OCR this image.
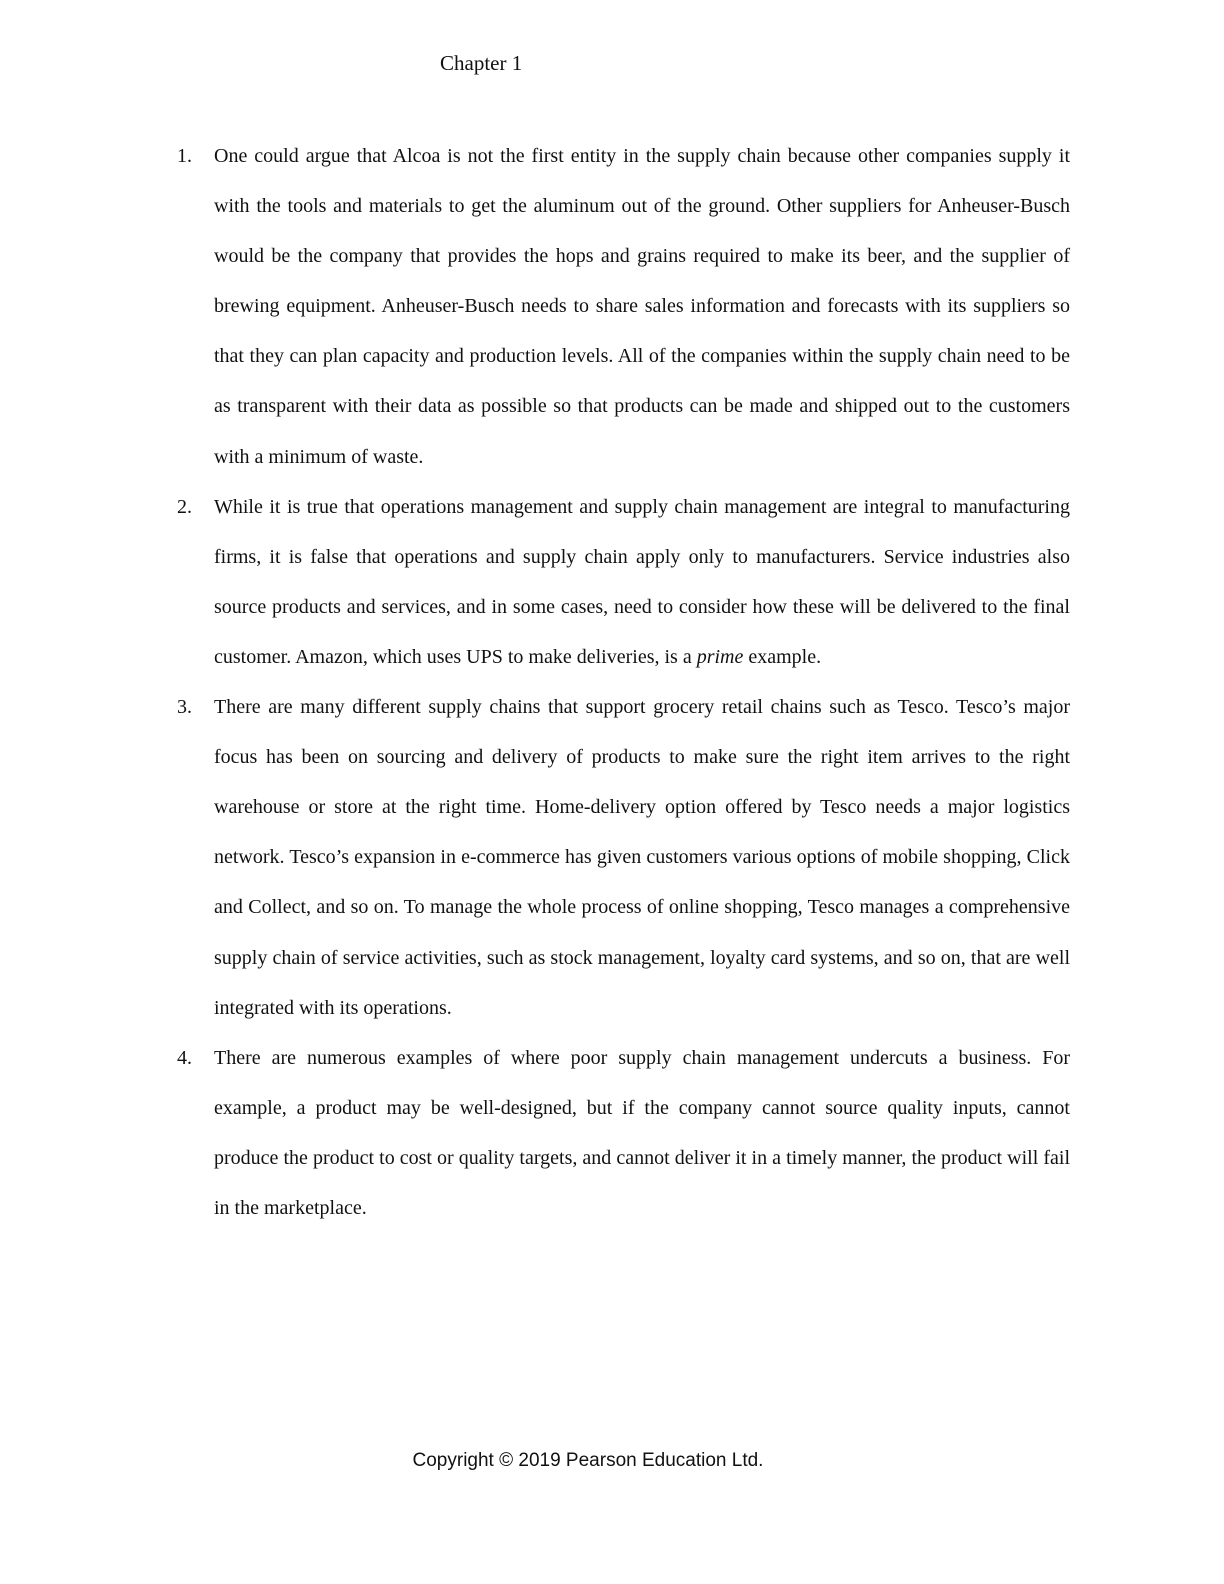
Chapter 1
1. One could argue that Alcoa is not the first entity in the supply chain because other companies supply it with the tools and materials to get the aluminum out of the ground. Other suppliers for Anheuser-Busch would be the company that provides the hops and grains required to make its beer, and the supplier of brewing equipment. Anheuser-Busch needs to share sales information and forecasts with its suppliers so that they can plan capacity and production levels. All of the companies within the supply chain need to be as transparent with their data as possible so that products can be made and shipped out to the customers with a minimum of waste.
2. While it is true that operations management and supply chain management are integral to manufacturing firms, it is false that operations and supply chain apply only to manufacturers. Service industries also source products and services, and in some cases, need to consider how these will be delivered to the final customer. Amazon, which uses UPS to make deliveries, is a prime example.
3. There are many different supply chains that support grocery retail chains such as Tesco. Tesco’s major focus has been on sourcing and delivery of products to make sure the right item arrives to the right warehouse or store at the right time. Home-delivery option offered by Tesco needs a major logistics network. Tesco’s expansion in e-commerce has given customers various options of mobile shopping, Click and Collect, and so on. To manage the whole process of online shopping, Tesco manages a comprehensive supply chain of service activities, such as stock management, loyalty card systems, and so on, that are well integrated with its operations.
4. There are numerous examples of where poor supply chain management undercuts a business. For example, a product may be well-designed, but if the company cannot source quality inputs, cannot produce the product to cost or quality targets, and cannot deliver it in a timely manner, the product will fail in the marketplace.
Copyright © 2019 Pearson Education Ltd.
